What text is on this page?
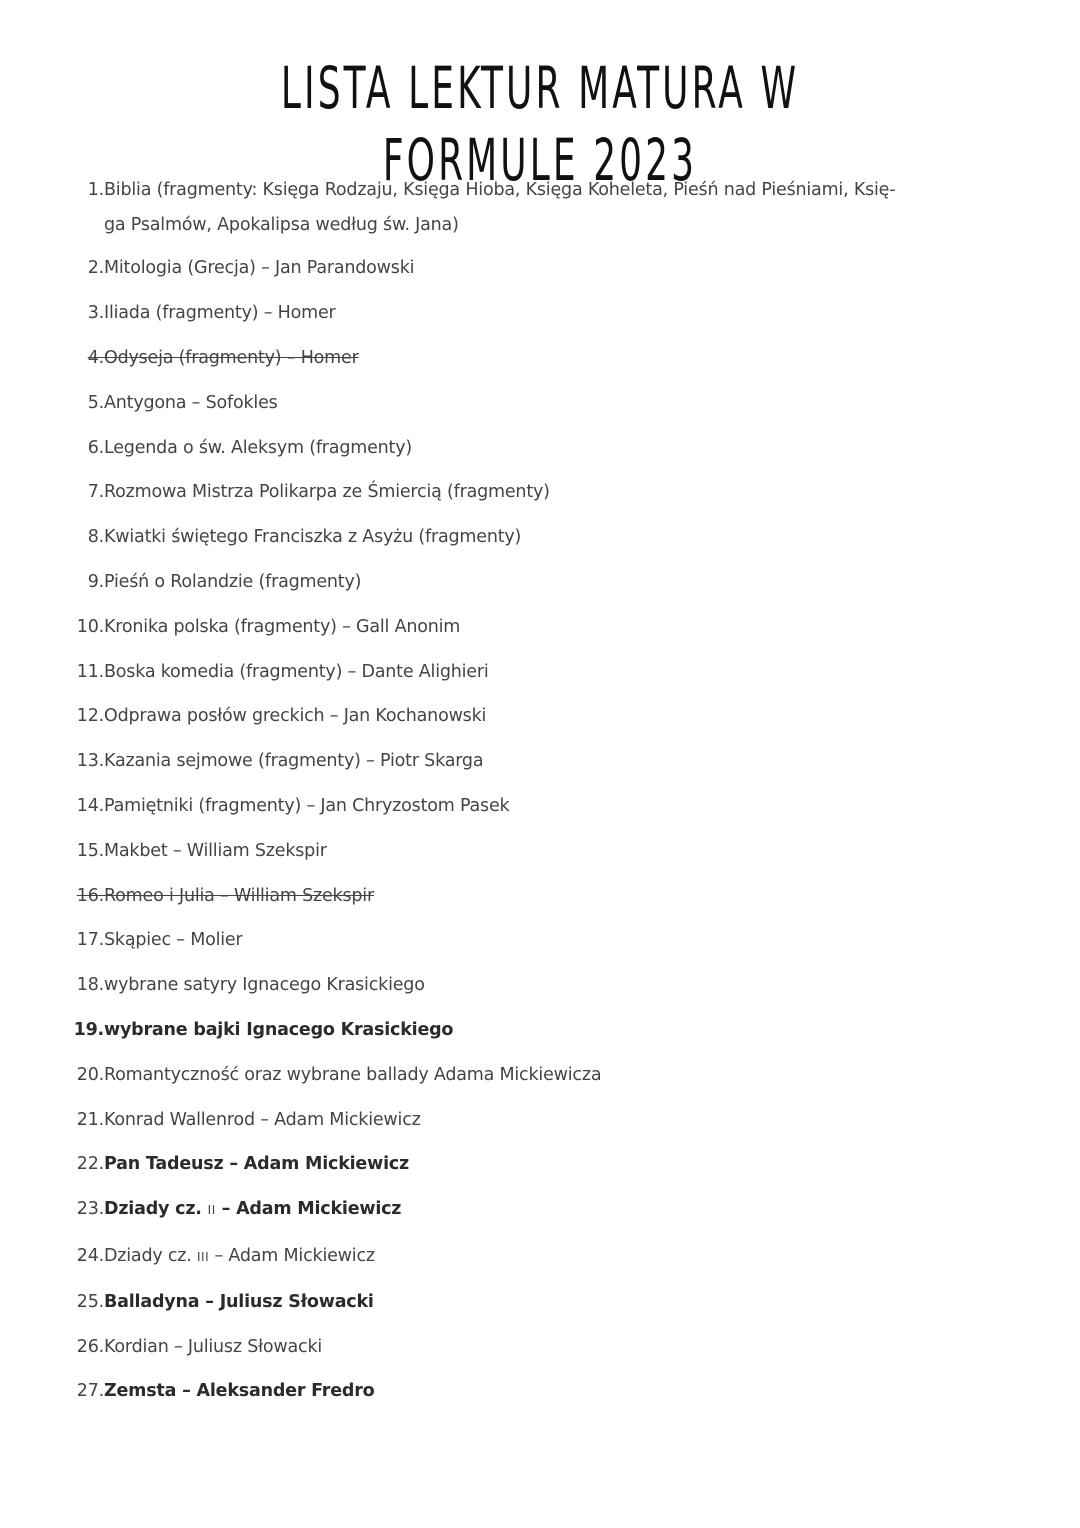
LISTA LEKTUR MATURA W FORMULE 2023
1. Biblia (fragmenty: Księga Rodzaju, Księga Hioba, Księga Koheleta, Pieśń nad Pieśniami, Księ-
ga Psalmów, Apokalipsa według św. Jana)
2. Mitologia (Grecja) – Jan Parandowski
3. Iliada (fragmenty) – Homer
4. Odyseja (fragmenty) – Homer
5. Antygona – Sofokles
6. Legenda o św. Aleksym (fragmenty)
7. Rozmowa Mistrza Polikarpa ze Śmiercią (fragmenty)
8. Kwiatki świętego Franciszka z Asyżu (fragmenty)
9. Pieśń o Rolandzie (fragmenty)
10. Kronika polska (fragmenty) – Gall Anonim
11. Boska komedia (fragmenty) – Dante Alighieri
12. Odprawa posłów greckich – Jan Kochanowski
13. Kazania sejmowe (fragmenty) – Piotr Skarga
14. Pamiętniki (fragmenty) – Jan Chryzostom Pasek
15. Makbet – William Szekspir
16. Romeo i Julia – William Szekspir
17. Skąpiec – Molier
18. wybrane satyry Ignacego Krasickiego
19. wybrane bajki Ignacego Krasickiego
20. Romantyczność oraz wybrane ballady Adama Mickiewicza
21. Konrad Wallenrod – Adam Mickiewicz
22. Pan Tadeusz – Adam Mickiewicz
23. Dziady cz. II – Adam Mickiewicz
24. Dziady cz. III – Adam Mickiewicz
25. Balladyna – Juliusz Słowacki
26. Kordian – Juliusz Słowacki
27. Zemsta – Aleksander Fredro
